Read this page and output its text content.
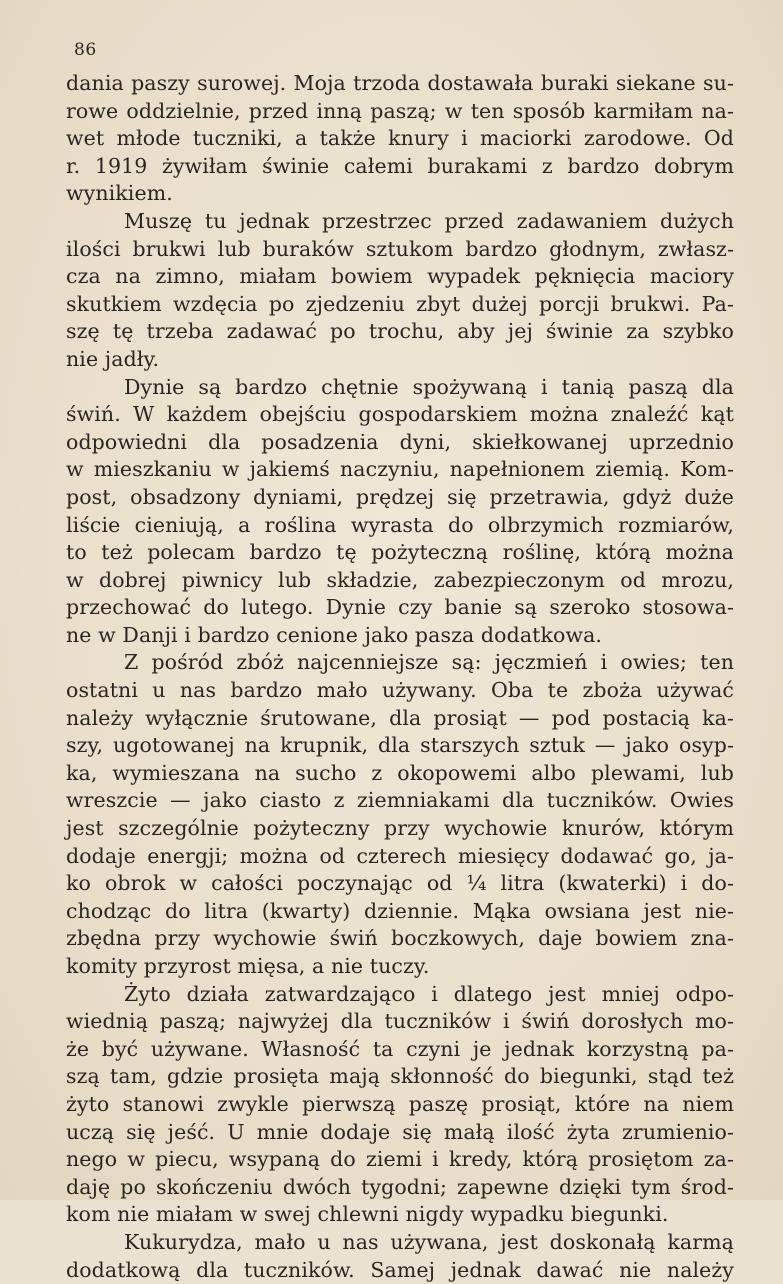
86
dania paszy surowej. Moja trzoda dostawała buraki siekane su-
rowe oddzielnie, przed inną paszą; w ten sposób karmiłam na-
wet młode tuczniki, a także knury i maciorki zarodowe. Od
r. 1919 żywiłam świnie całemi burakami z bardzo dobrym
wynikiem.
Muszę tu jednak przestrzec przed zadawaniem dużych
ilości brukwi lub buraków sztukom bardzo głodnym, zwłasz-
cza na zimno, miałam bowiem wypadek pęknięcia maciory
skutkiem wzdęcia po zjedzeniu zbyt dużej porcji brukwi. Pa-
szę tę trzeba zadawać po trochu, aby jej świnie za szybko
nie jadły.
Dynie są bardzo chętnie spożywaną i tanią paszą dla
świń. W każdem obejściu gospodarskiem można znaleźć kąt
odpowiedni dla posadzenia dyni, skiełkowanej uprzednio
w mieszkaniu w jakiemś naczyniu, napełnionem ziemią. Kom-
post, obsadzony dyniami, prędzej się przetrawia, gdyż duże
liście cieniują, a roślina wyrasta do olbrzymich rozmiarów,
to też polecam bardzo tę pożyteczną roślinę, którą można
w dobrej piwnicy lub składzie, zabezpieczonym od mrozu,
przechować do lutego. Dynie czy banie są szeroko stosowa-
ne w Danji i bardzo cenione jako pasza dodatkowa.
Z pośród zbóż najcenniejsze są: jęczmień i owies; ten
ostatni u nas bardzo mało używany. Oba te zboża używać
należy wyłącznie śrutowane, dla prosiąt — pod postacią ka-
szy, ugotowanej na krupnik, dla starszych sztuk — jako osyp-
ka, wymieszana na sucho z okopowemi albo plewami, lub
wreszcie — jako ciasto z ziemniakami dla tuczników. Owies
jest szczególnie pożyteczny przy wychowie knurów, którym
dodaje energji; można od czterech miesięcy dodawać go, ja-
ko obrok w całości poczynając od ¼ litra (kwaterki) i do-
chodząc do litra (kwarty) dziennie. Mąka owsiana jest nie-
zbędna przy wychowie świń boczkowych, daje bowiem zna-
komity przyrost mięsa, a nie tuczy.
Żyto działa zatwardzająco i dlatego jest mniej odpo-
wiednią paszą; najwyżej dla tuczników i świń dorosłych mo-
że być używane. Własność ta czyni je jednak korzystną pa-
szą tam, gdzie prosięta mają skłonność do biegunki, stąd też
żyto stanowi zwykle pierwszą paszę prosiąt, które na niem
uczą się jeść. U mnie dodaje się małą ilość żyta zrumienio-
nego w piecu, wsypaną do ziemi i kredy, którą prosiętom za-
daję po skończeniu dwóch tygodni; zapewne dzięki tym środ-
kom nie miałam w swej chlewni nigdy wypadku biegunki.
Kukurydza, mało u nas używana, jest doskonałą karmą
dodatkową dla tuczników. Samej jednak dawać nie należy
